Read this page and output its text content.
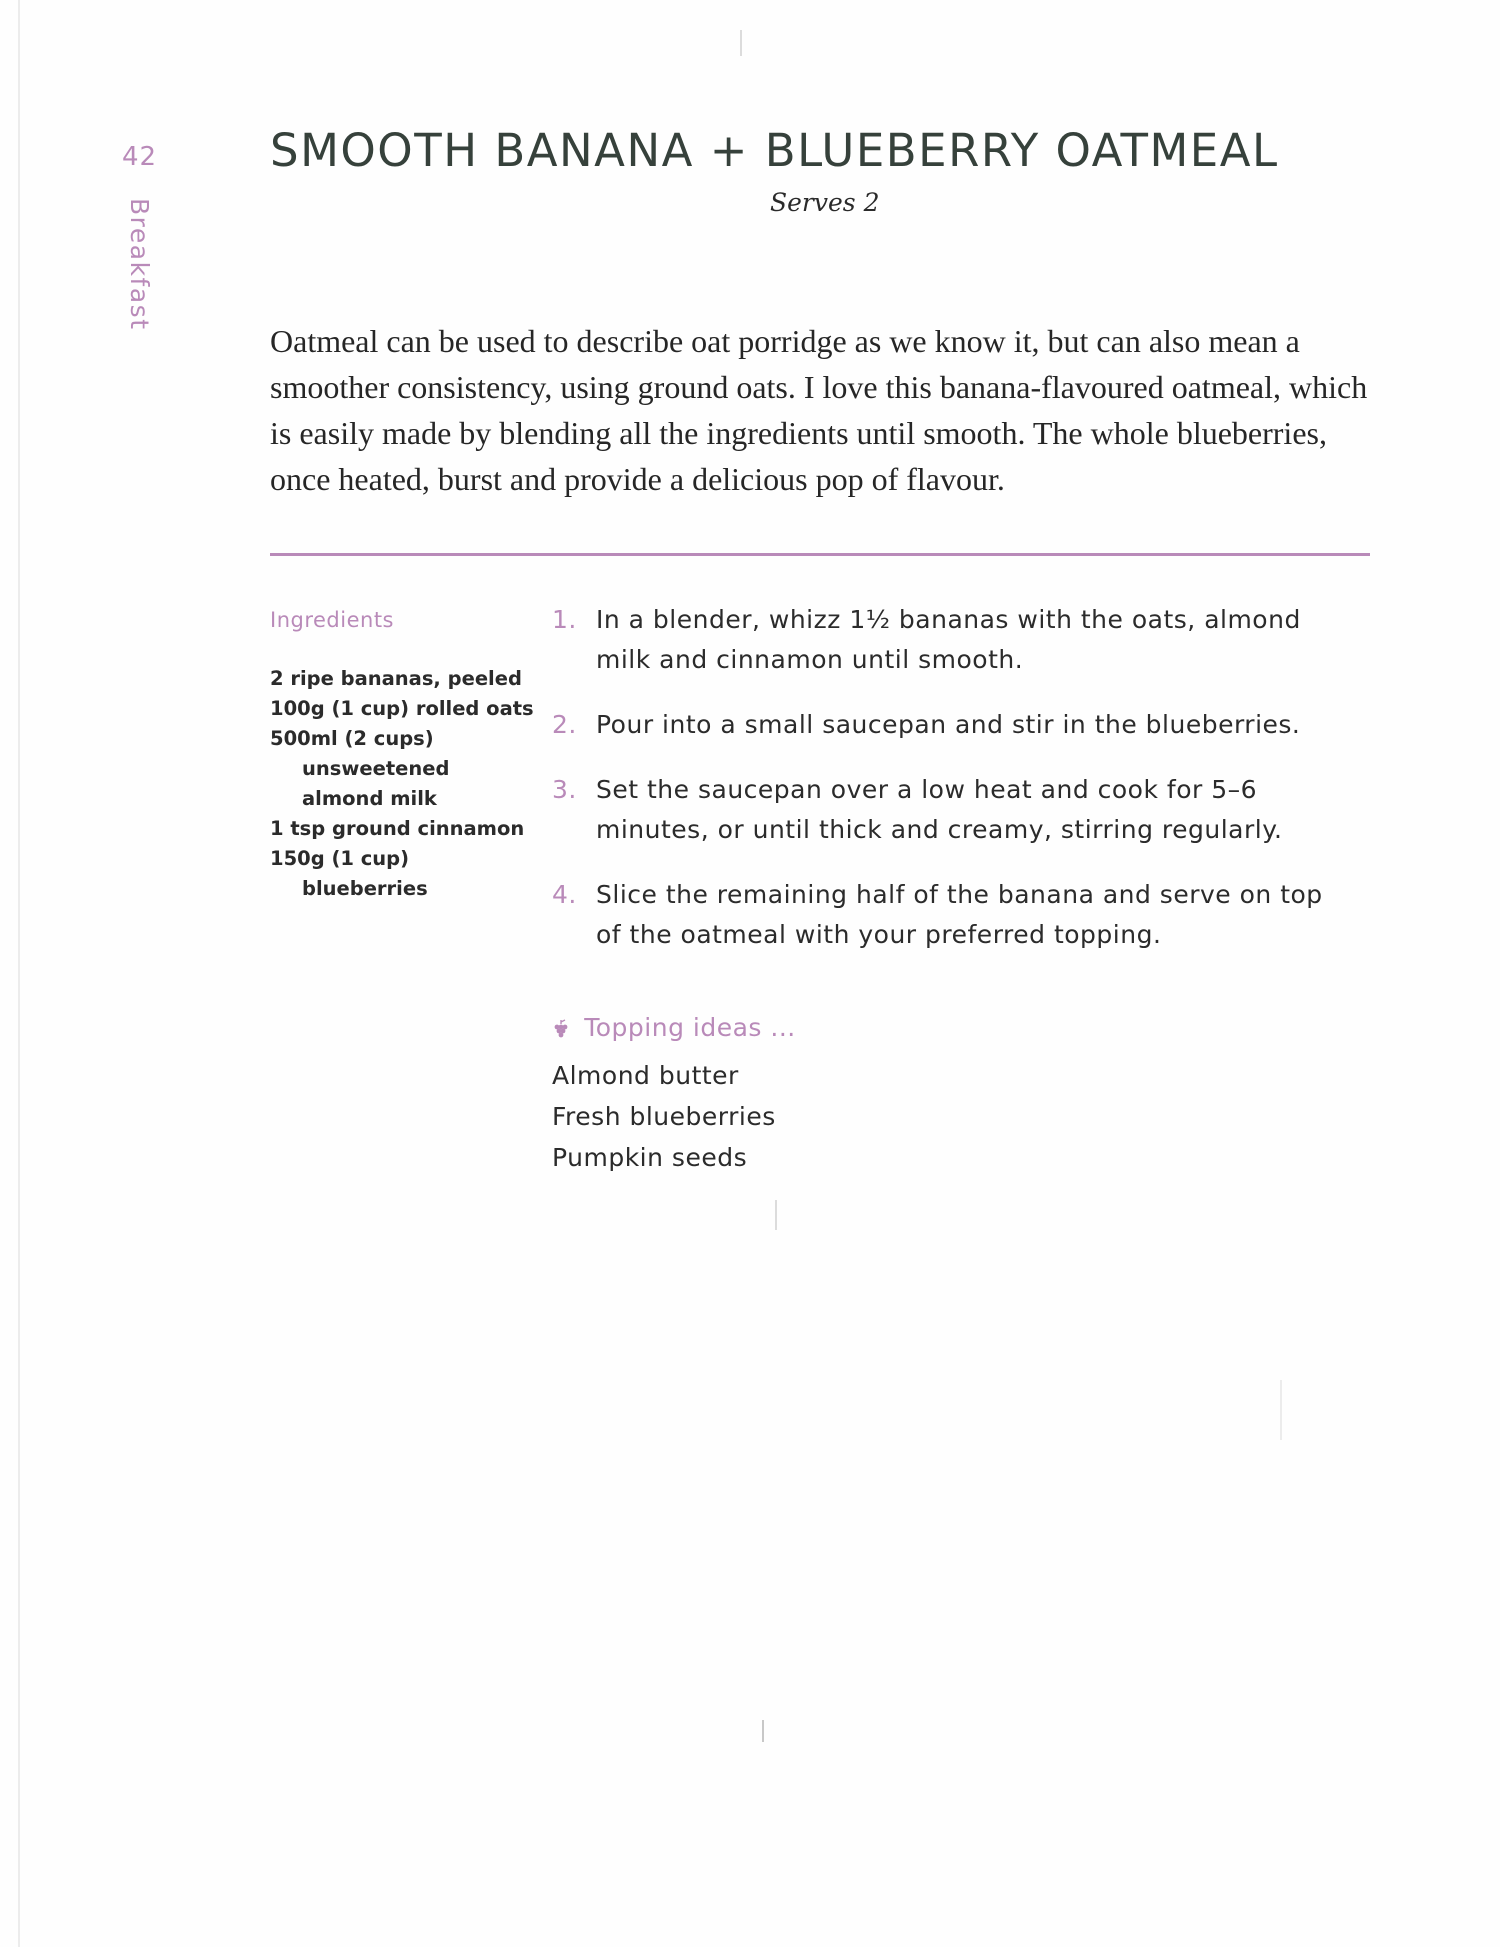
42
Breakfast
SMOOTH BANANA + BLUEBERRY OATMEAL
Serves 2

Oatmeal can be used to describe oat porridge as we know it, but can also mean a smoother consistency, using ground oats. I love this banana-flavoured oatmeal, which is easily made by blending all the ingredients until smooth. The whole blueberries, once heated, burst and provide a delicious pop of flavour.

Ingredients
2 ripe bananas, peeled
100g (1 cup) rolled oats
500ml (2 cups) unsweetened almond milk
1 tsp ground cinnamon
150g (1 cup) blueberries
1. In a blender, whizz 1½ bananas with the oats, almond milk and cinnamon until smooth.
2. Pour into a small saucepan and stir in the blueberries.
3. Set the saucepan over a low heat and cook for 5–6 minutes, or until thick and creamy, stirring regularly.
4. Slice the remaining half of the banana and serve on top of the oatmeal with your preferred topping.
Topping ideas ...
Almond butter
Fresh blueberries
Pumpkin seeds
